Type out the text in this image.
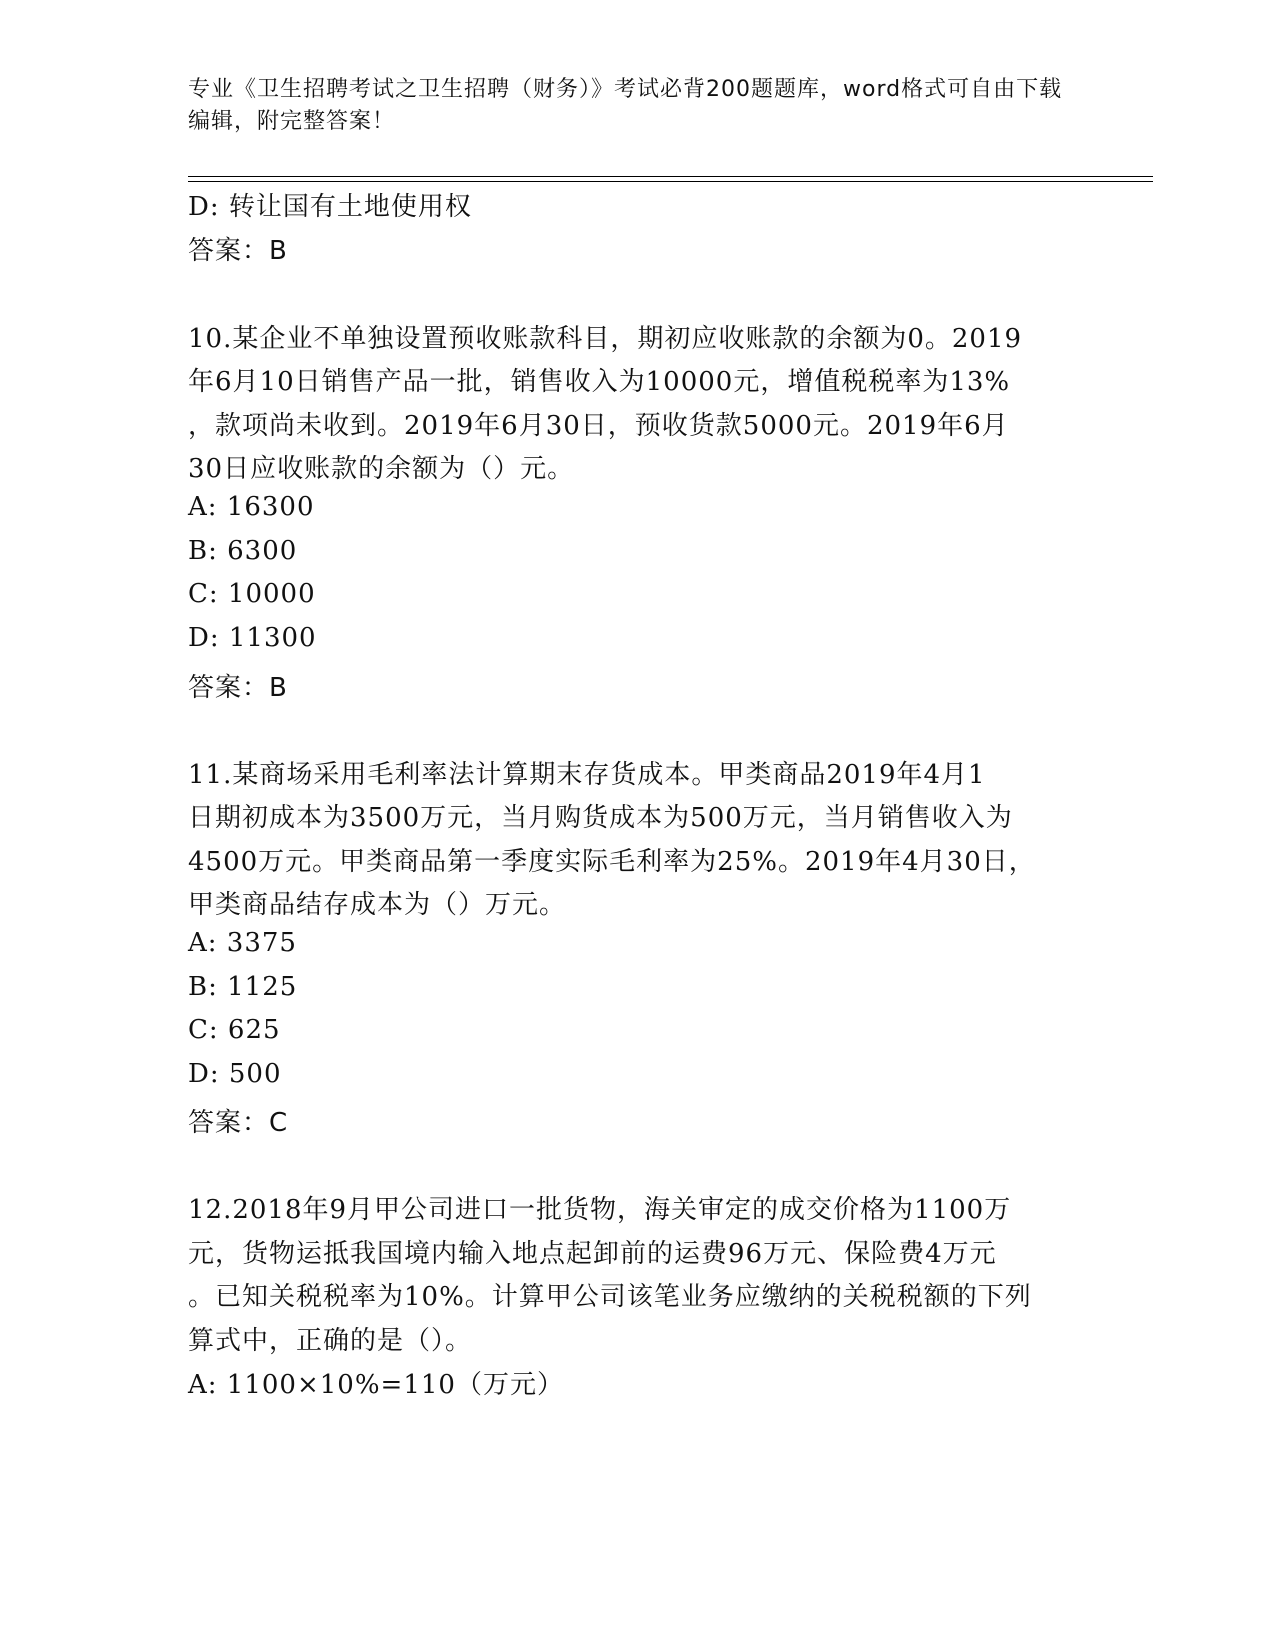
专业《卫生招聘考试之卫生招聘（财务）》考试必背200题题库，word格式可自由下载编辑，附完整答案！
D: 转让国有土地使用权
答案：B
10.某企业不单独设置预收账款科目，期初应收账款的余额为0。2019
年6月10日销售产品一批，销售收入为10000元，增值税税率为13%
，款项尚未收到。2019年6月30日，预收货款5000元。2019年6月
30日应收账款的余额为（）元。
A: 16300
B: 6300
C: 10000
D: 11300
答案：B
11.某商场采用毛利率法计算期末存货成本。甲类商品2019年4月1
日期初成本为3500万元，当月购货成本为500万元，当月销售收入为
4500万元。甲类商品第一季度实际毛利率为25%。2019年4月30日，
甲类商品结存成本为（）万元。
A: 3375
B: 1125
C: 625
D: 500
答案：C
12.2018年9月甲公司进口一批货物，海关审定的成交价格为1100万
元，货物运抵我国境内输入地点起卸前的运费96万元、保险费4万元
。已知关税税率为10%。计算甲公司该笔业务应缴纳的关税税额的下列
算式中，正确的是（）。
A: 1100×10%=110（万元）
